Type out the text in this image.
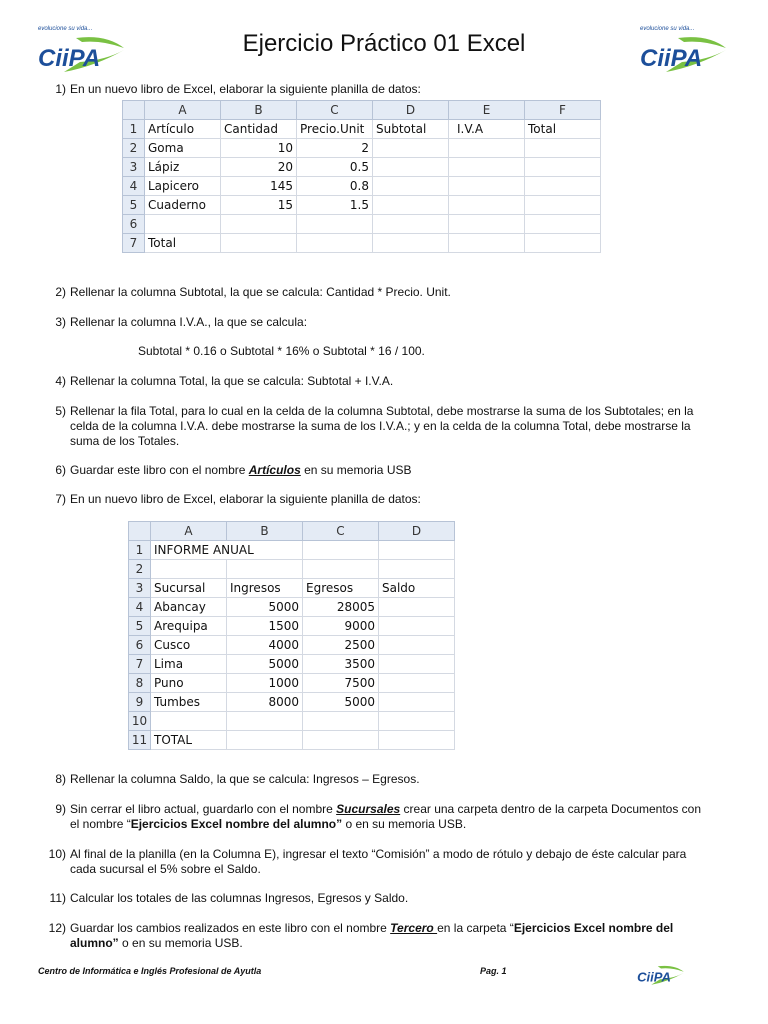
evolucione su vida...
CiiPA
evolucione su vida...
CiiPA
Ejercicio Práctico 01 Excel
1) En un nuevo libro de Excel, elaborar la siguiente planilla de datos:
	A	B	C	D	E	F
1	Artículo	Cantidad	Precio.Unit	Subtotal	I.V.A	Total
2	Goma	10	2			
3	Lápiz	20	0.5			
4	Lapicero	145	0.8			
5	Cuaderno	15	1.5			
6						
7	Total					
2) Rellenar la columna Subtotal, la que se calcula: Cantidad * Precio. Unit.
3) Rellenar la columna I.V.A., la que se calcula:
Subtotal * 0.16 o Subtotal * 16% o Subtotal * 16 / 100.
4) Rellenar la columna Total, la que se calcula: Subtotal + I.V.A.
5) Rellenar la fila Total, para lo cual en la celda de la columna Subtotal, debe mostrarse la suma de los Subtotales; en la celda de la columna I.V.A. debe mostrarse la suma de los I.V.A.; y en la celda de la columna Total, debe mostrarse la suma de los Totales.
6) Guardar este libro con el nombre Artículos en su memoria USB
7) En un nuevo libro de Excel, elaborar la siguiente planilla de datos:
	A	B	C	D
1	INFORME ANUAL			
2				
3	Sucursal	Ingresos	Egresos	Saldo
4	Abancay	5000	28005	
5	Arequipa	1500	9000	
6	Cusco	4000	2500	
7	Lima	5000	3500	
8	Puno	1000	7500	
9	Tumbes	8000	5000	
10				
11	TOTAL			
8) Rellenar la columna Saldo, la que se calcula: Ingresos – Egresos.
9) Sin cerrar el libro actual, guardarlo con el nombre Sucursales crear una carpeta dentro de la carpeta Documentos con el nombre “Ejercicios Excel nombre del alumno” o en su memoria USB.
10) Al final de la planilla (en la Columna E), ingresar el texto “Comisión” a modo de rótulo y debajo de éste calcular para cada sucursal el 5% sobre el Saldo.
11) Calcular los totales de las columnas Ingresos, Egresos y Saldo.
12) Guardar los cambios realizados en este libro con el nombre Tercero en la carpeta “Ejercicios Excel nombre del alumno” o en su memoria USB.
Centro de Informática e Inglés Profesional de Ayutla	Pag. 1	CiiPA
